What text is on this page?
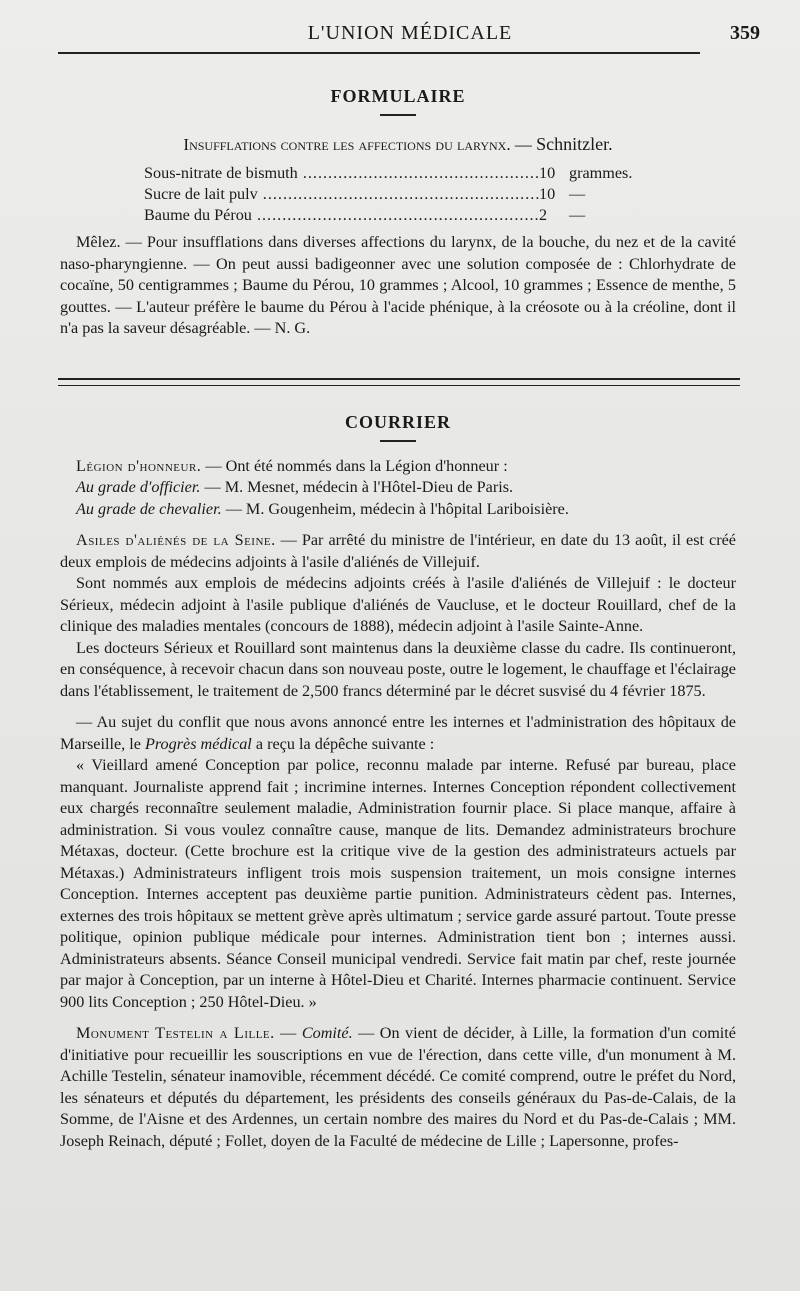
L'UNION MÉDICALE	359
FORMULAIRE
Insufflations contre les affections du larynx. — Schnitzler.
Sous-nitrate de bismuth .....	10 grammes.
Sucre de lait pulv .....	10 —
Baume du Pérou .....	2	—

Mêlez. — Pour insufflations dans diverses affections du larynx, de la bouche, du nez et de la cavité naso-pharyngienne. — On peut aussi badigeonner avec une solution composée de : Chlorhydrate de cocaïne, 50 centigrammes ; Baume du Pérou, 10 grammes ; Alcool, 10 grammes ; Essence de menthe, 5 gouttes. — L'auteur préfère le baume du Pérou à l'acide phénique, à la créosote ou à la créoline, dont il n'a pas la saveur désagréable. — N. G.

COURRIER

Légion d'honneur. — Ont été nommés dans la Légion d'honneur :

Au grade d'officier. — M. Mesnet, médecin à l'Hôtel-Dieu de Paris.

Au grade de chevalier. — M. Gougenheim, médecin à l'hôpital Lariboisière.

Asiles d'aliénés de la Seine. — Par arrêté du ministre de l'intérieur, en date du 13 août, il est créé deux emplois de médecins adjoints à l'asile d'aliénés de Villejuif.

Sont nommés aux emplois de médecins adjoints créés à l'asile d'aliénés de Villejuif : le docteur Sérieux, médecin adjoint à l'asile publique d'aliénés de Vaucluse, et le docteur Rouillard, chef de la clinique des maladies mentales (concours de 1888), médecin adjoint à l'asile Sainte-Anne.

Les docteurs Sérieux et Rouillard sont maintenus dans la deuxième classe du cadre. Ils continueront, en conséquence, à recevoir chacun dans son nouveau poste, outre le logement, le chauffage et l'éclairage dans l'établissement, le traitement de 2,500 francs déterminé par le décret susvisé du 4 février 1875.

— Au sujet du conflit que nous avons annoncé entre les internes et l'administration des hôpitaux de Marseille, le Progrès médical a reçu la dépêche suivante :

« Vieillard amené Conception par police, reconnu malade par interne. Refusé par bureau, place manquant. Journaliste apprend fait ; incrimine internes. Internes Conception répondent collectivement eux chargés reconnaître seulement maladie, Administration fournir place. Si place manque, affaire à administration. Si vous voulez connaître cause, manque de lits. Demandez administrateurs brochure Métaxas, docteur. (Cette brochure est la critique vive de la gestion des administrateurs actuels par Métaxas.) Administrateurs infligent trois mois suspension traitement, un mois consigne internes Conception. Internes acceptent pas deuxième partie punition. Administrateurs cèdent pas. Internes, externes des trois hôpitaux se mettent grève après ultimatum ; service garde assuré partout. Toute presse politique, opinion publique médicale pour internes. Administration tient bon ; internes aussi. Administrateurs absents. Séance Conseil municipal vendredi. Service fait matin par chef, reste journée par major à Conception, par un interne à Hôtel-Dieu et Charité. Internes pharmacie continuent. Service 900 lits Conception ; 250 Hôtel-Dieu. »

Monument Testelin a Lille. — Comité. — On vient de décider, à Lille, la formation d'un comité d'initiative pour recueillir les souscriptions en vue de l'érection, dans cette ville, d'un monument à M. Achille Testelin, sénateur inamovible, récemment décédé. Ce comité comprend, outre le préfet du Nord, les sénateurs et députés du département, les présidents des conseils généraux du Pas-de-Calais, de la Somme, de l'Aisne et des Ardennes, un certain nombre des maires du Nord et du Pas-de-Calais ; MM. Joseph Reinach, député ; Follet, doyen de la Faculté de médecine de Lille ; Lapersonne, profes-
